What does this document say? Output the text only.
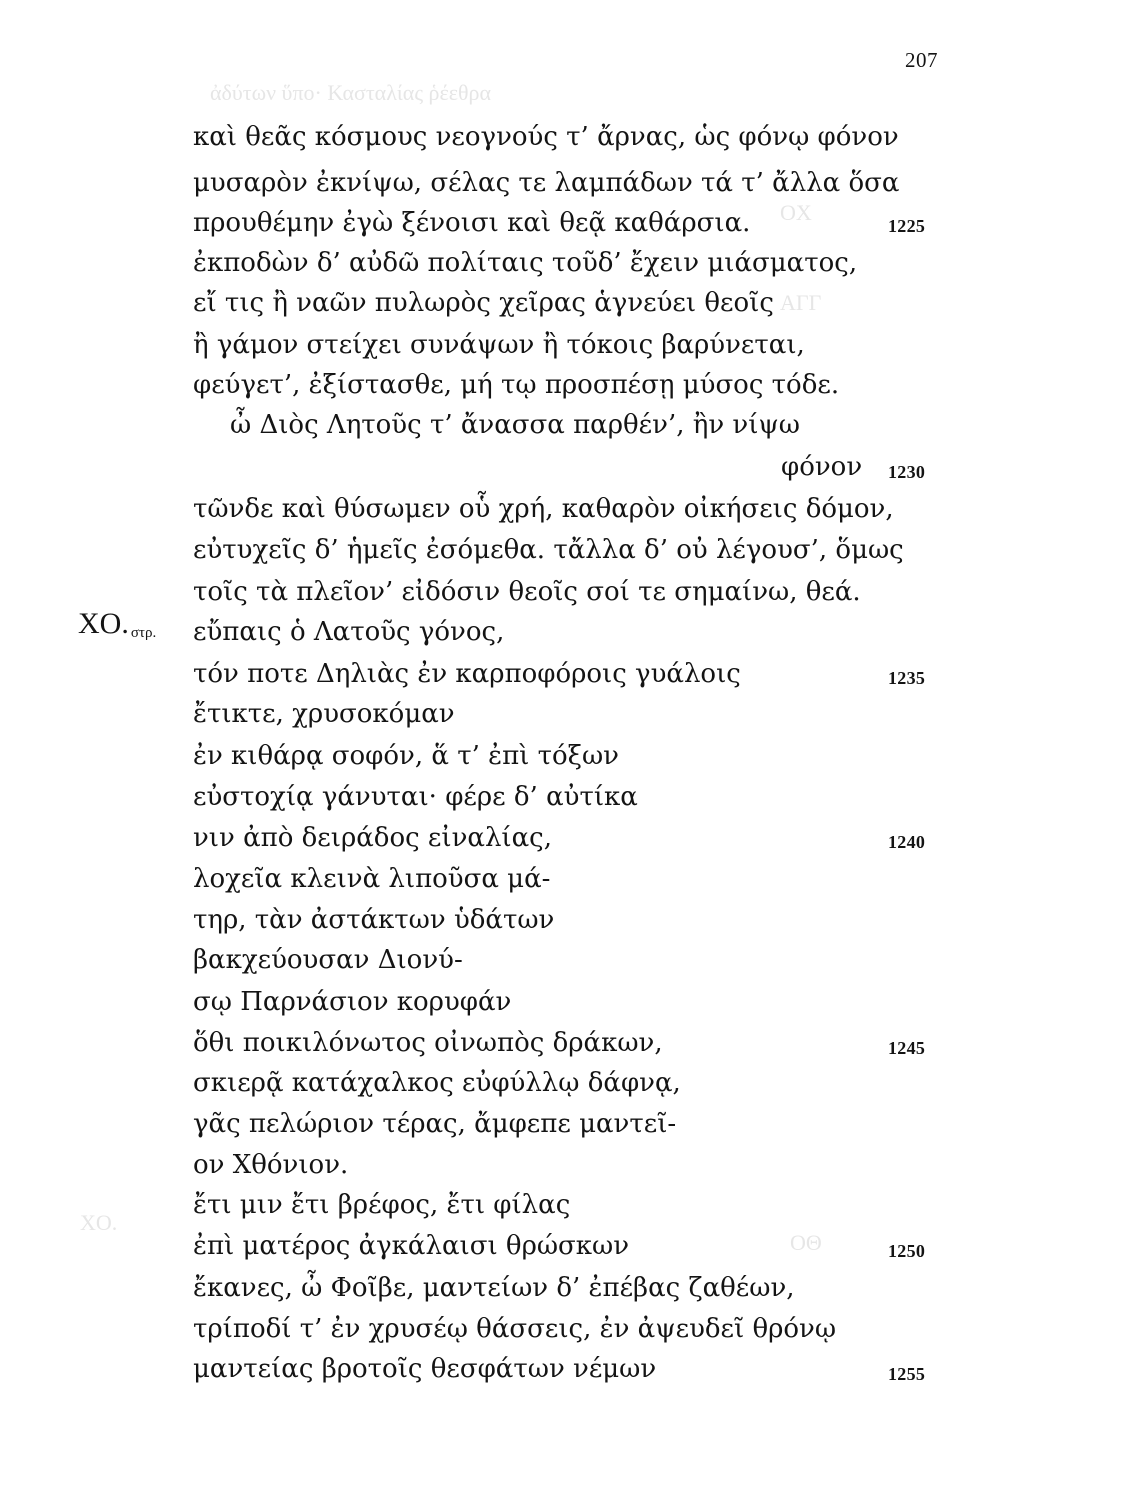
ἀδύτων ὕπο· Κασταλίας ῥέεθρα
ΟΧ
ΑΓΓ
ΧΟ.
ΟΘ
207
ΧΟ. στρ.
καὶ θεᾶς κόσμους νεογνούς τ’ ἄρνας, ὡς φόνῳ φόνον
μυσαρὸν ἐκνίψω, σέλας τε λαμπάδων τά τ’ ἄλλα ὅσα
προυθέμην ἐγὼ ξένοισι καὶ θεᾷ καθάρσια.	1225
ἐκποδὼν δ’ αὐδῶ πολίταις τοῦδ’ ἔχειν μιάσματος,
εἴ τις ἢ ναῶν πυλωρὸς χεῖρας ἁγνεύει θεοῖς
ἢ γάμον στείχει συνάψων ἢ τόκοις βαρύνεται,
φεύγετ’, ἐξίστασθε, μή τῳ προσπέσῃ μύσος τόδε.
ὦ Διὸς Λητοῦς τ’ ἄνασσα παρθέν’, ἢν νίψω
φόνον 1230
τῶνδε καὶ θύσωμεν οὗ χρή, καθαρὸν οἰκήσεις δόμον,
εὐτυχεῖς δ’ ἡμεῖς ἐσόμεθα. τἄλλα δ’ οὐ λέγουσ’, ὅμως
τοῖς τὰ πλεῖον’ εἰδόσιν θεοῖς σοί τε σημαίνω, θεά.
εὔπαις ὁ Λατοῦς γόνος,
τόν ποτε Δηλιὰς ἐν καρποφόροις γυάλοις	1235
ἔτικτε, χρυσοκόμαν
ἐν κιθάρᾳ σοφόν, ἅ τ’ ἐπὶ τόξων
εὐστοχίᾳ γάνυται· φέρε δ’ αὐτίκα
νιν ἀπὸ δειράδος εἰναλίας,	1240
λοχεῖα κλεινὰ λιποῦσα μά-
τηρ, τὰν ἀστάκτων ὑδάτων
βακχεύουσαν Διονύ-
σῳ Παρνάσιον κορυφάν
ὅθι ποικιλόνωτος οἰνωπὸς δράκων,	1245
σκιερᾷ κατάχαλκος εὐφύλλῳ δάφνᾳ,
γᾶς πελώριον τέρας, ἄμφεπε μαντεῖ-
ον Χθόνιον.
ἔτι μιν ἔτι βρέφος, ἔτι φίλας
ἐπὶ ματέρος ἀγκάλαισι θρώσκων	1250
ἔκανες, ὦ Φοῖβε, μαντείων δ’ ἐπέβας ζαθέων,
τρίποδί τ’ ἐν χρυσέῳ θάσσεις, ἐν ἀψευδεῖ θρόνῳ
μαντείας βροτοῖς θεσφάτων νέμων	1255
